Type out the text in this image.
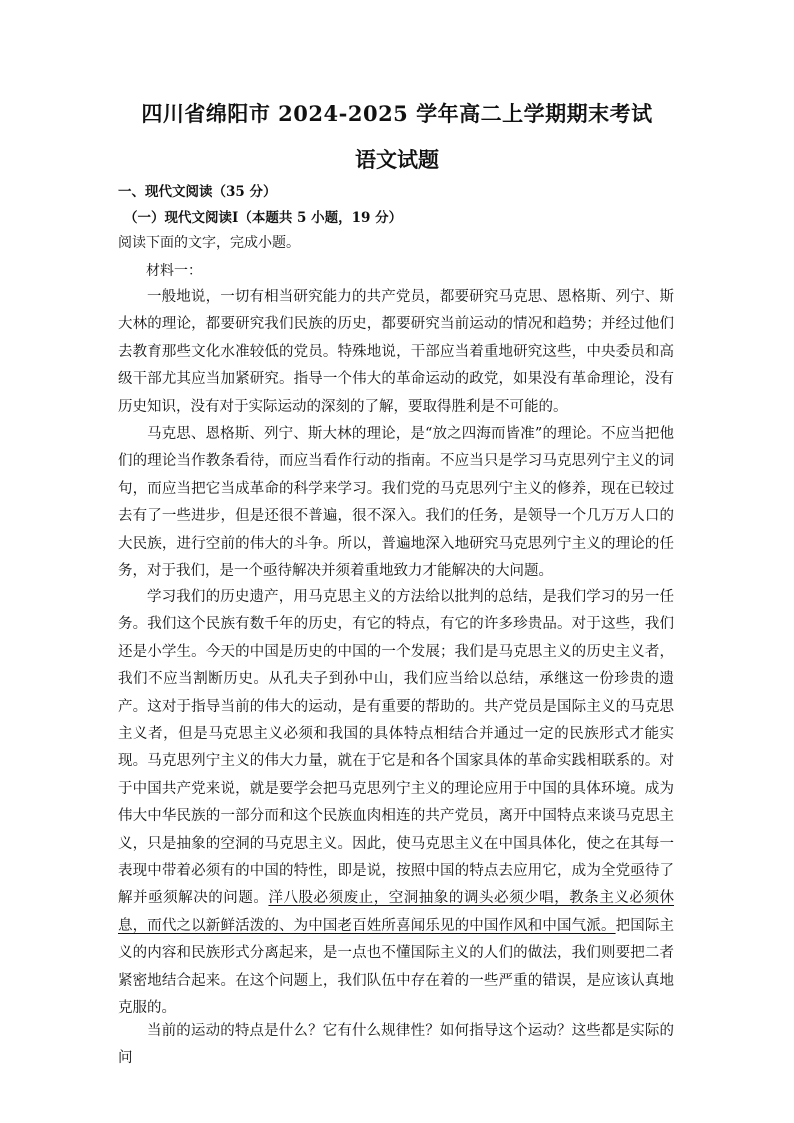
四川省绵阳市 2024-2025 学年高二上学期期末考试
语文试题
一、现代文阅读（35 分）
（一）现代文阅读Ⅰ（本题共 5 小题，19 分）
阅读下面的文字，完成小题。
材料一：

一般地说，一切有相当研究能力的共产党员，都要研究马克思、恩格斯、列宁、斯大林的理论，都要研究我们民族的历史，都要研究当前运动的情况和趋势；并经过他们去教育那些文化水准较低的党员。特殊地说，干部应当着重地研究这些，中央委员和高级干部尤其应当加紧研究。指导一个伟大的革命运动的政党，如果没有革命理论，没有历史知识，没有对于实际运动的深刻的了解，要取得胜利是不可能的。

马克思、恩格斯、列宁、斯大林的理论，是“放之四海而皆准”的理论。不应当把他们的理论当作教条看待，而应当看作行动的指南。不应当只是学习马克思列宁主义的词句，而应当把它当成革命的科学来学习。我们党的马克思列宁主义的修养，现在已较过去有了一些进步，但是还很不普遍，很不深入。我们的任务，是领导一个几万万人口的大民族，进行空前的伟大的斗争。所以，普遍地深入地研究马克思列宁主义的理论的任务，对于我们，是一个亟待解决并须着重地致力才能解决的大问题。

学习我们的历史遗产，用马克思主义的方法给以批判的总结，是我们学习的另一任务。我们这个民族有数千年的历史，有它的特点，有它的许多珍贵品。对于这些，我们还是小学生。今天的中国是历史的中国的一个发展；我们是马克思主义的历史主义者，我们不应当割断历史。从孔夫子到孙中山，我们应当给以总结，承继这一份珍贵的遗产。这对于指导当前的伟大的运动，是有重要的帮助的。共产党员是国际主义的马克思主义者，但是马克思主义必须和我国的具体特点相结合并通过一定的民族形式才能实现。马克思列宁主义的伟大力量，就在于它是和各个国家具体的革命实践相联系的。对于中国共产党来说，就是要学会把马克思列宁主义的理论应用于中国的具体环境。成为伟大中华民族的一部分而和这个民族血肉相连的共产党员，离开中国特点来谈马克思主义，只是抽象的空洞的马克思主义。因此，使马克思主义在中国具体化，使之在其每一表现中带着必须有的中国的特性，即是说，按照中国的特点去应用它，成为全党亟待了解并亟须解决的问题。洋八股必须废止，空洞抽象的调头必须少唱，教条主义必须休息，而代之以新鲜活泼的、为中国老百姓所喜闻乐见的中国作风和中国气派。把国际主义的内容和民族形式分离起来，是一点也不懂国际主义的人们的做法，我们则要把二者紧密地结合起来。在这个问题上，我们队伍中存在着的一些严重的错误，是应该认真地克服的。

当前的运动的特点是什么？它有什么规律性？如何指导这个运动？这些都是实际的问
